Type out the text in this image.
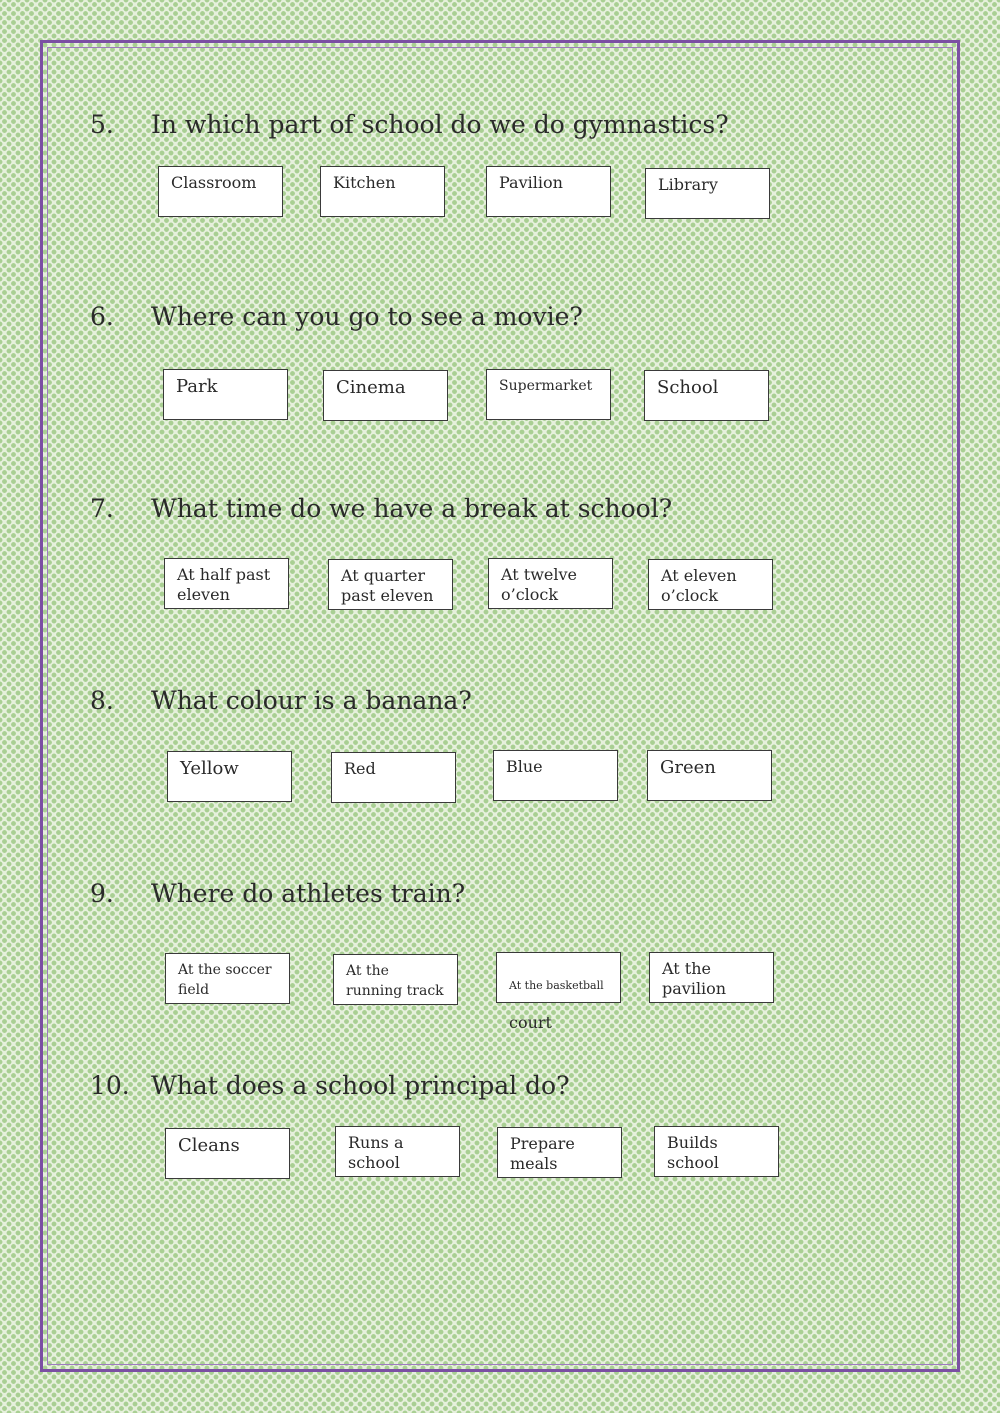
5. In which part of school do we do gymnastics?
Classroom	Kitchen	Pavilion	Library
6. Where can you go to see a movie?
Park	Cinema	Supermarket	School
7. What time do we have a break at school?
At half past
eleven
At quarter
past eleven
At twelve
o’clock
At eleven
o’clock
8. What colour is a banana?
Yellow	Red	Blue	Green
9. Where do athletes train?
At the soccer
field
At the
running track	At the basketball

court

At the
pavilion
10. What does a school principal do?
Cleans	Runs a
school
Prepare
meals
Builds
school
